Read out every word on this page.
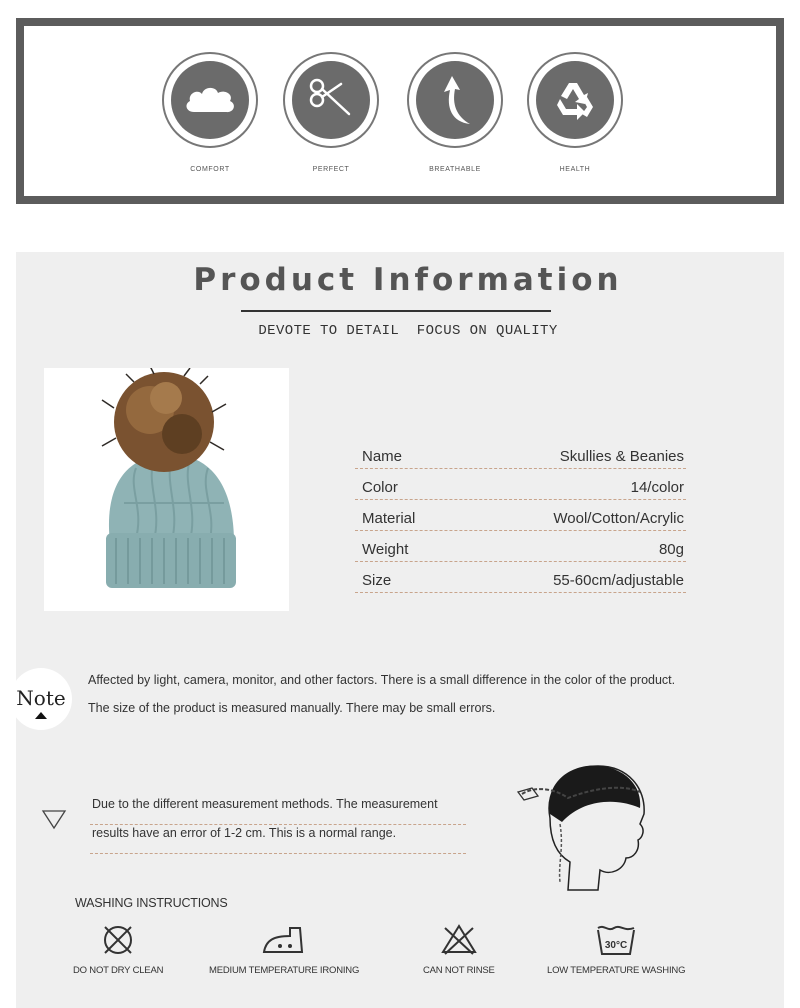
COMFORT	PERFECT	BREATHABLE	HEALTH
Product Information
DEVOTE TO DETAIL  FOCUS ON QUALITY
Name	Skullies & Beanies
Color	14/color
Material	Wool/Cotton/Acrylic
Weight	80g
Size	55-60cm/adjustable
Note

Affected by light, camera, monitor, and other factors. There is a small difference in the color of the product.

The size of the product is measured manually. There may be small errors.

Due to the different measurement methods. The measurement
results have an error of 1-2 cm. This is a normal range.
WASHING INSTRUCTIONS
DO NOT DRY CLEAN	MEDIUM TEMPERATURE IRONING	CAN NOT RINSE
30°C
LOW TEMPERATURE WASHING
